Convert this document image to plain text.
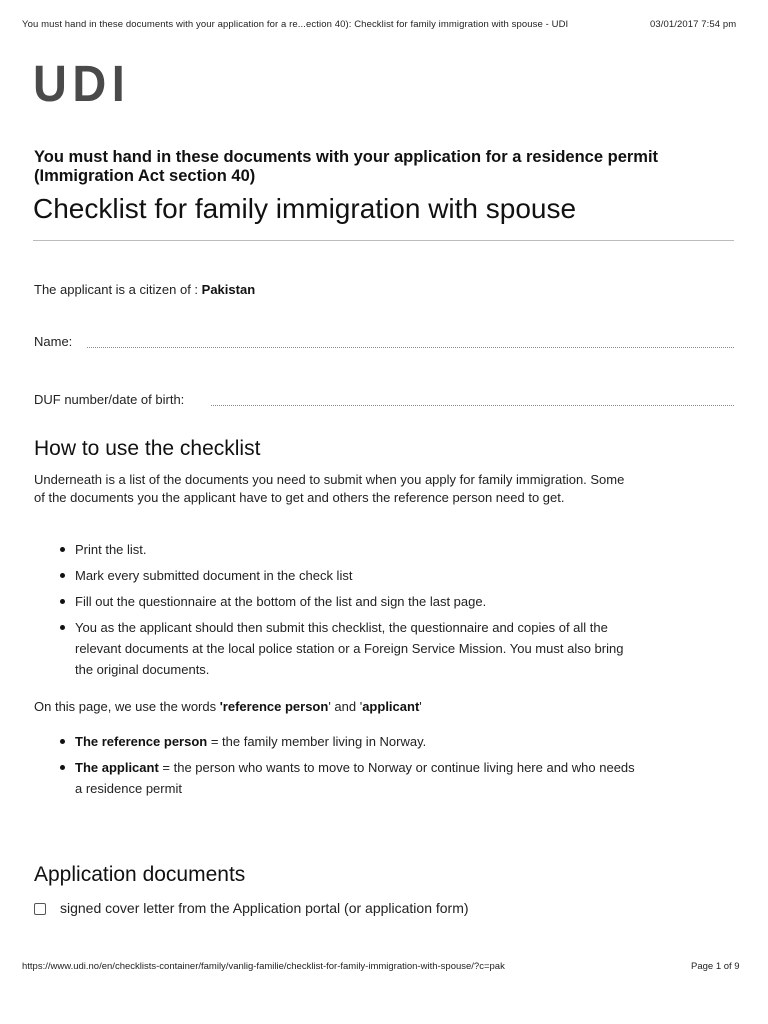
You must hand in these documents with your application for a re...ection 40): Checklist for family immigration with spouse - UDI	03/01/2017 7:54 pm
UDI
You must hand in these documents with your application for a residence permit (Immigration Act section 40)
Checklist for family immigration with spouse
The applicant is a citizen of : Pakistan
Name:
DUF number/date of birth:
How to use the checklist
Underneath is a list of the documents you need to submit when you apply for family immigration. Some of the documents you the applicant have to get and others the reference person need to get.
Print the list.
Mark every submitted document in the check list
Fill out the questionnaire at the bottom of the list and sign the last page.
You as the applicant should then submit this checklist, the questionnaire and copies of all the relevant documents at the local police station or a Foreign Service Mission. You must also bring the original documents.
On this page, we use the words 'reference person' and 'applicant'
The reference person = the family member living in Norway.
The applicant = the person who wants to move to Norway or continue living here and who needs a residence permit
Application documents
signed cover letter from the Application portal (or application form)
https://www.udi.no/en/checklists-container/family/vanlig-familie/checklist-for-family-immigration-with-spouse/?c=pak	Page 1 of 9
